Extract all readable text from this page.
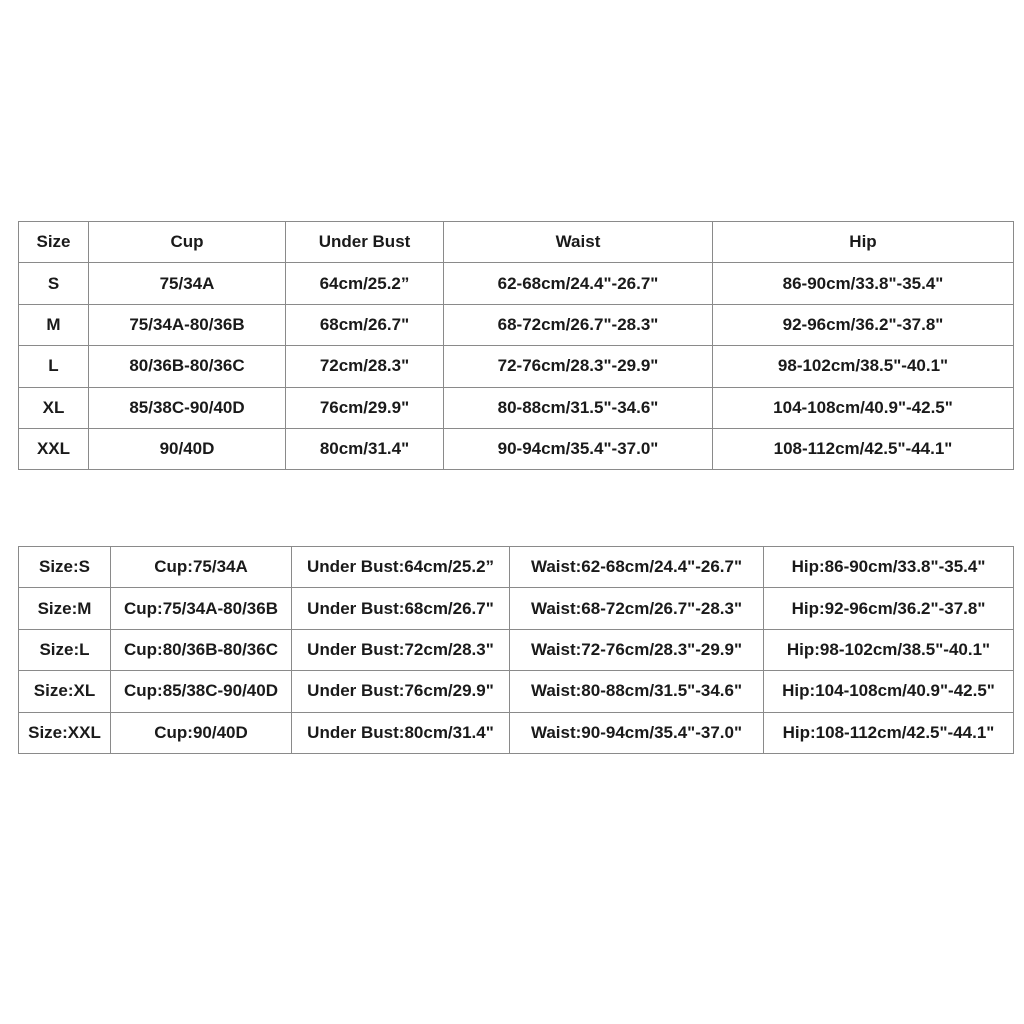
Size	Cup	Under Bust	Waist	Hip
S	75/34A	64cm/25.2”	62-68cm/24.4"-26.7"	86-90cm/33.8"-35.4"
M	75/34A-80/36B	68cm/26.7"	68-72cm/26.7"-28.3"	92-96cm/36.2"-37.8"
L	80/36B-80/36C	72cm/28.3"	72-76cm/28.3"-29.9"	98-102cm/38.5"-40.1"
XL	85/38C-90/40D	76cm/29.9"	80-88cm/31.5"-34.6"	104-108cm/40.9"-42.5"
XXL	90/40D	80cm/31.4"	90-94cm/35.4"-37.0"	108-112cm/42.5"-44.1"
Size:S	Cup:75/34A	Under Bust:64cm/25.2”	Waist:62-68cm/24.4"-26.7"	Hip:86-90cm/33.8"-35.4"
Size:M	Cup:75/34A-80/36B	Under Bust:68cm/26.7"	Waist:68-72cm/26.7"-28.3"	Hip:92-96cm/36.2"-37.8"
Size:L	Cup:80/36B-80/36C	Under Bust:72cm/28.3"	Waist:72-76cm/28.3"-29.9"	Hip:98-102cm/38.5"-40.1"
Size:XL	Cup:85/38C-90/40D	Under Bust:76cm/29.9"	Waist:80-88cm/31.5"-34.6"	Hip:104-108cm/40.9"-42.5"
Size:XXL	Cup:90/40D	Under Bust:80cm/31.4"	Waist:90-94cm/35.4"-37.0"	Hip:108-112cm/42.5"-44.1"
